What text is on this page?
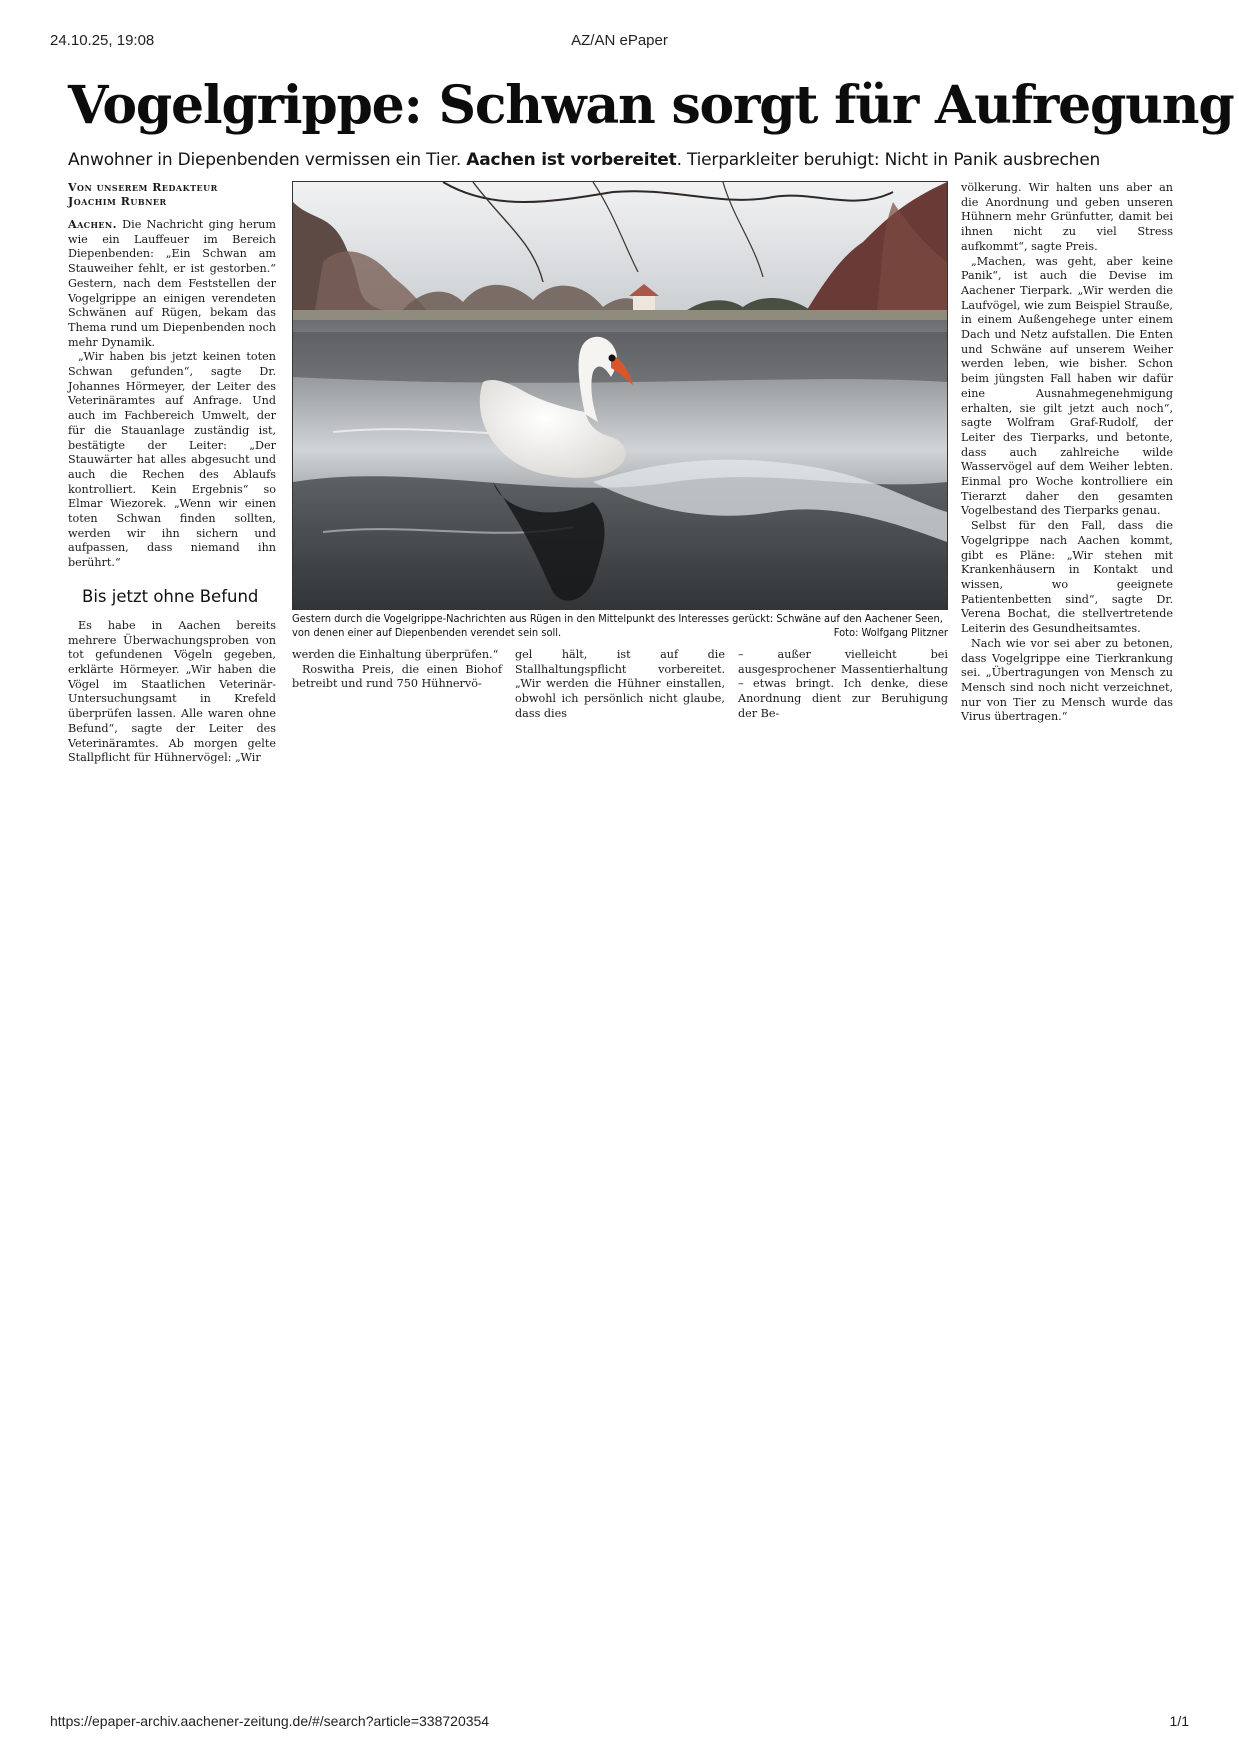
24.10.25, 19:08	AZ/AN ePaper
Vogelgrippe: Schwan sorgt für Aufregung

Anwohner in Diepenbenden vermissen ein Tier. Aachen ist vorbereitet. Tierparkleiter beruhigt: Nicht in Panik ausbrechen

Von unserem Redakteur
Joachim Rubner

Aachen. Die Nachricht ging herum wie ein Lauffeuer im Bereich Diepenbenden: „Ein Schwan am Stauweiher fehlt, er ist gestorben.“ Gestern, nach dem Feststellen der Vogelgrippe an einigen verendeten Schwänen auf Rügen, bekam das Thema rund um Diepenbenden noch mehr Dynamik.

„Wir haben bis jetzt keinen toten Schwan gefunden“, sagte Dr. Johannes Hörmeyer, der Leiter des Veterinäramtes auf Anfrage. Und auch im Fachbereich Umwelt, der für die Stauanlage zuständig ist, bestätigte der Leiter: „Der Stauwärter hat alles abgesucht und auch die Rechen des Ablaufs kontrolliert. Kein Ergebnis“ so Elmar Wiezorek. „Wenn wir einen toten Schwan finden sollten, werden wir ihn sichern und aufpassen, dass niemand ihn berührt.“

Bis jetzt ohne Befund

Es habe in Aachen bereits mehrere Überwachungsproben von tot gefundenen Vögeln gegeben, erklärte Hörmeyer. „Wir haben die Vögel im Staatlichen Veterinär-Untersuchungsamt in Krefeld überprüfen lassen. Alle waren ohne Befund“, sagte der Leiter des Veterinäramtes. Ab morgen gelte Stallpflicht für Hühnervögel: „Wir

Gestern durch die Vogelgrippe-Nachrichten aus Rügen in den Mittelpunkt des Interesses gerückt: Schwäne auf den Aachener Seen, von denen einer auf Diepenbenden verendet sein soll.	Foto: Wolfgang Plitzner

werden die Einhaltung überprüfen.“

Roswitha Preis, die einen Biohof betreibt und rund 750 Hühnervö-

gel hält, ist auf die Stallhaltungspflicht vorbereitet. „Wir werden die Hühner einstallen, obwohl ich persönlich nicht glaube, dass dies

– außer vielleicht bei ausgesprochener Massentierhaltung – etwas bringt. Ich denke, diese Anordnung dient zur Beruhigung der Be-

völkerung. Wir halten uns aber an die Anordnung und geben unseren Hühnern mehr Grünfutter, damit bei ihnen nicht zu viel Stress aufkommt“, sagte Preis.

„Machen, was geht, aber keine Panik“, ist auch die Devise im Aachener Tierpark. „Wir werden die Laufvögel, wie zum Beispiel Strauße, in einem Außengehege unter einem Dach und Netz aufstallen. Die Enten und Schwäne auf unserem Weiher werden leben, wie bisher. Schon beim jüngsten Fall haben wir dafür eine Ausnahmegenehmigung erhalten, sie gilt jetzt auch noch“, sagte Wolfram Graf-Rudolf, der Leiter des Tierparks, und betonte, dass auch zahlreiche wilde Wasservögel auf dem Weiher lebten. Einmal pro Woche kontrolliere ein Tierarzt daher den gesamten Vogelbestand des Tierparks genau.

Selbst für den Fall, dass die Vogelgrippe nach Aachen kommt, gibt es Pläne: „Wir stehen mit Krankenhäusern in Kontakt und wissen, wo geeignete Patientenbetten sind“, sagte Dr. Verena Bochat, die stellvertretende Leiterin des Gesundheitsamtes.

Nach wie vor sei aber zu betonen, dass Vogelgrippe eine Tierkrankung sei. „Übertragungen von Mensch zu Mensch sind noch nicht verzeichnet, nur von Tier zu Mensch wurde das Virus übertragen.“

https://epaper-archiv.aachener-zeitung.de/#/search?article=338720354	1/1
